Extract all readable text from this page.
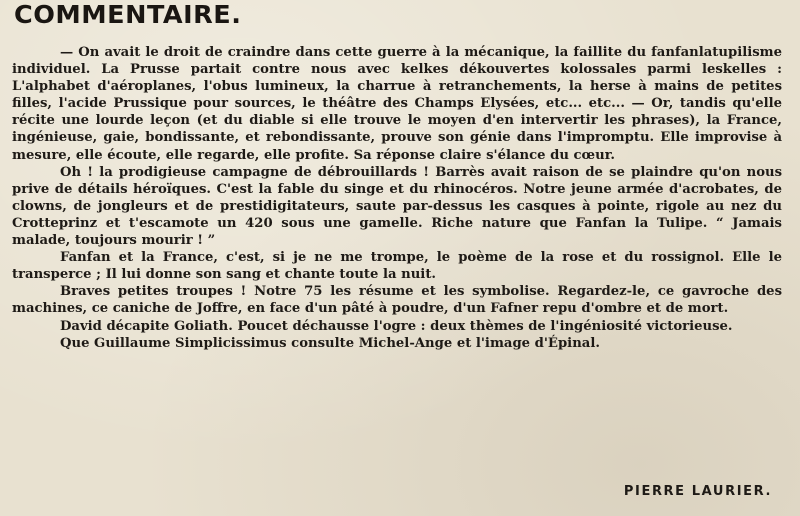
COMMENTAIRE.

— On avait le droit de craindre dans cette guerre à la mécanique, la faillite du fanfanlatupilisme individuel. La Prusse partait contre nous avec kelkes dékouvertes kolossales parmi leskelles : L'alphabet d'aéroplanes, l'obus lumineux, la charrue à retranchements, la herse à mains de petites filles, l'acide Prussique pour sources, le théâtre des Champs Elysées, etc... etc... — Or, tandis qu'elle récite une lourde leçon (et du diable si elle trouve le moyen d'en intervertir les phrases), la France, ingénieuse, gaie, bondissante, et rebondissante, prouve son génie dans l'impromptu. Elle improvise à mesure, elle écoute, elle regarde, elle profite. Sa réponse claire s'élance du cœur.

Oh ! la prodigieuse campagne de débrouillards ! Barrès avait raison de se plaindre qu'on nous prive de détails héroïques. C'est la fable du singe et du rhinocéros. Notre jeune armée d'acrobates, de clowns, de jongleurs et de prestidigitateurs, saute par-dessus les casques à pointe, rigole au nez du Crotteprinz et t'escamote un 420 sous une gamelle. Riche nature que Fanfan la Tulipe. “ Jamais malade, toujours mourir ! ”

Fanfan et la France, c'est, si je ne me trompe, le poème de la rose et du rossignol. Elle le transperce ; Il lui donne son sang et chante toute la nuit.

Braves petites troupes ! Notre 75 les résume et les symbolise. Regardez-le, ce gavroche des machines, ce caniche de Joffre, en face d'un pâté à poudre, d'un Fafner repu d'ombre et de mort.

David décapite Goliath. Poucet déchausse l'ogre : deux thèmes de l'ingéniosité victorieuse.

Que Guillaume Simplicissimus consulte Michel-Ange et l'image d'Épinal.

PIERRE LAURIER.
